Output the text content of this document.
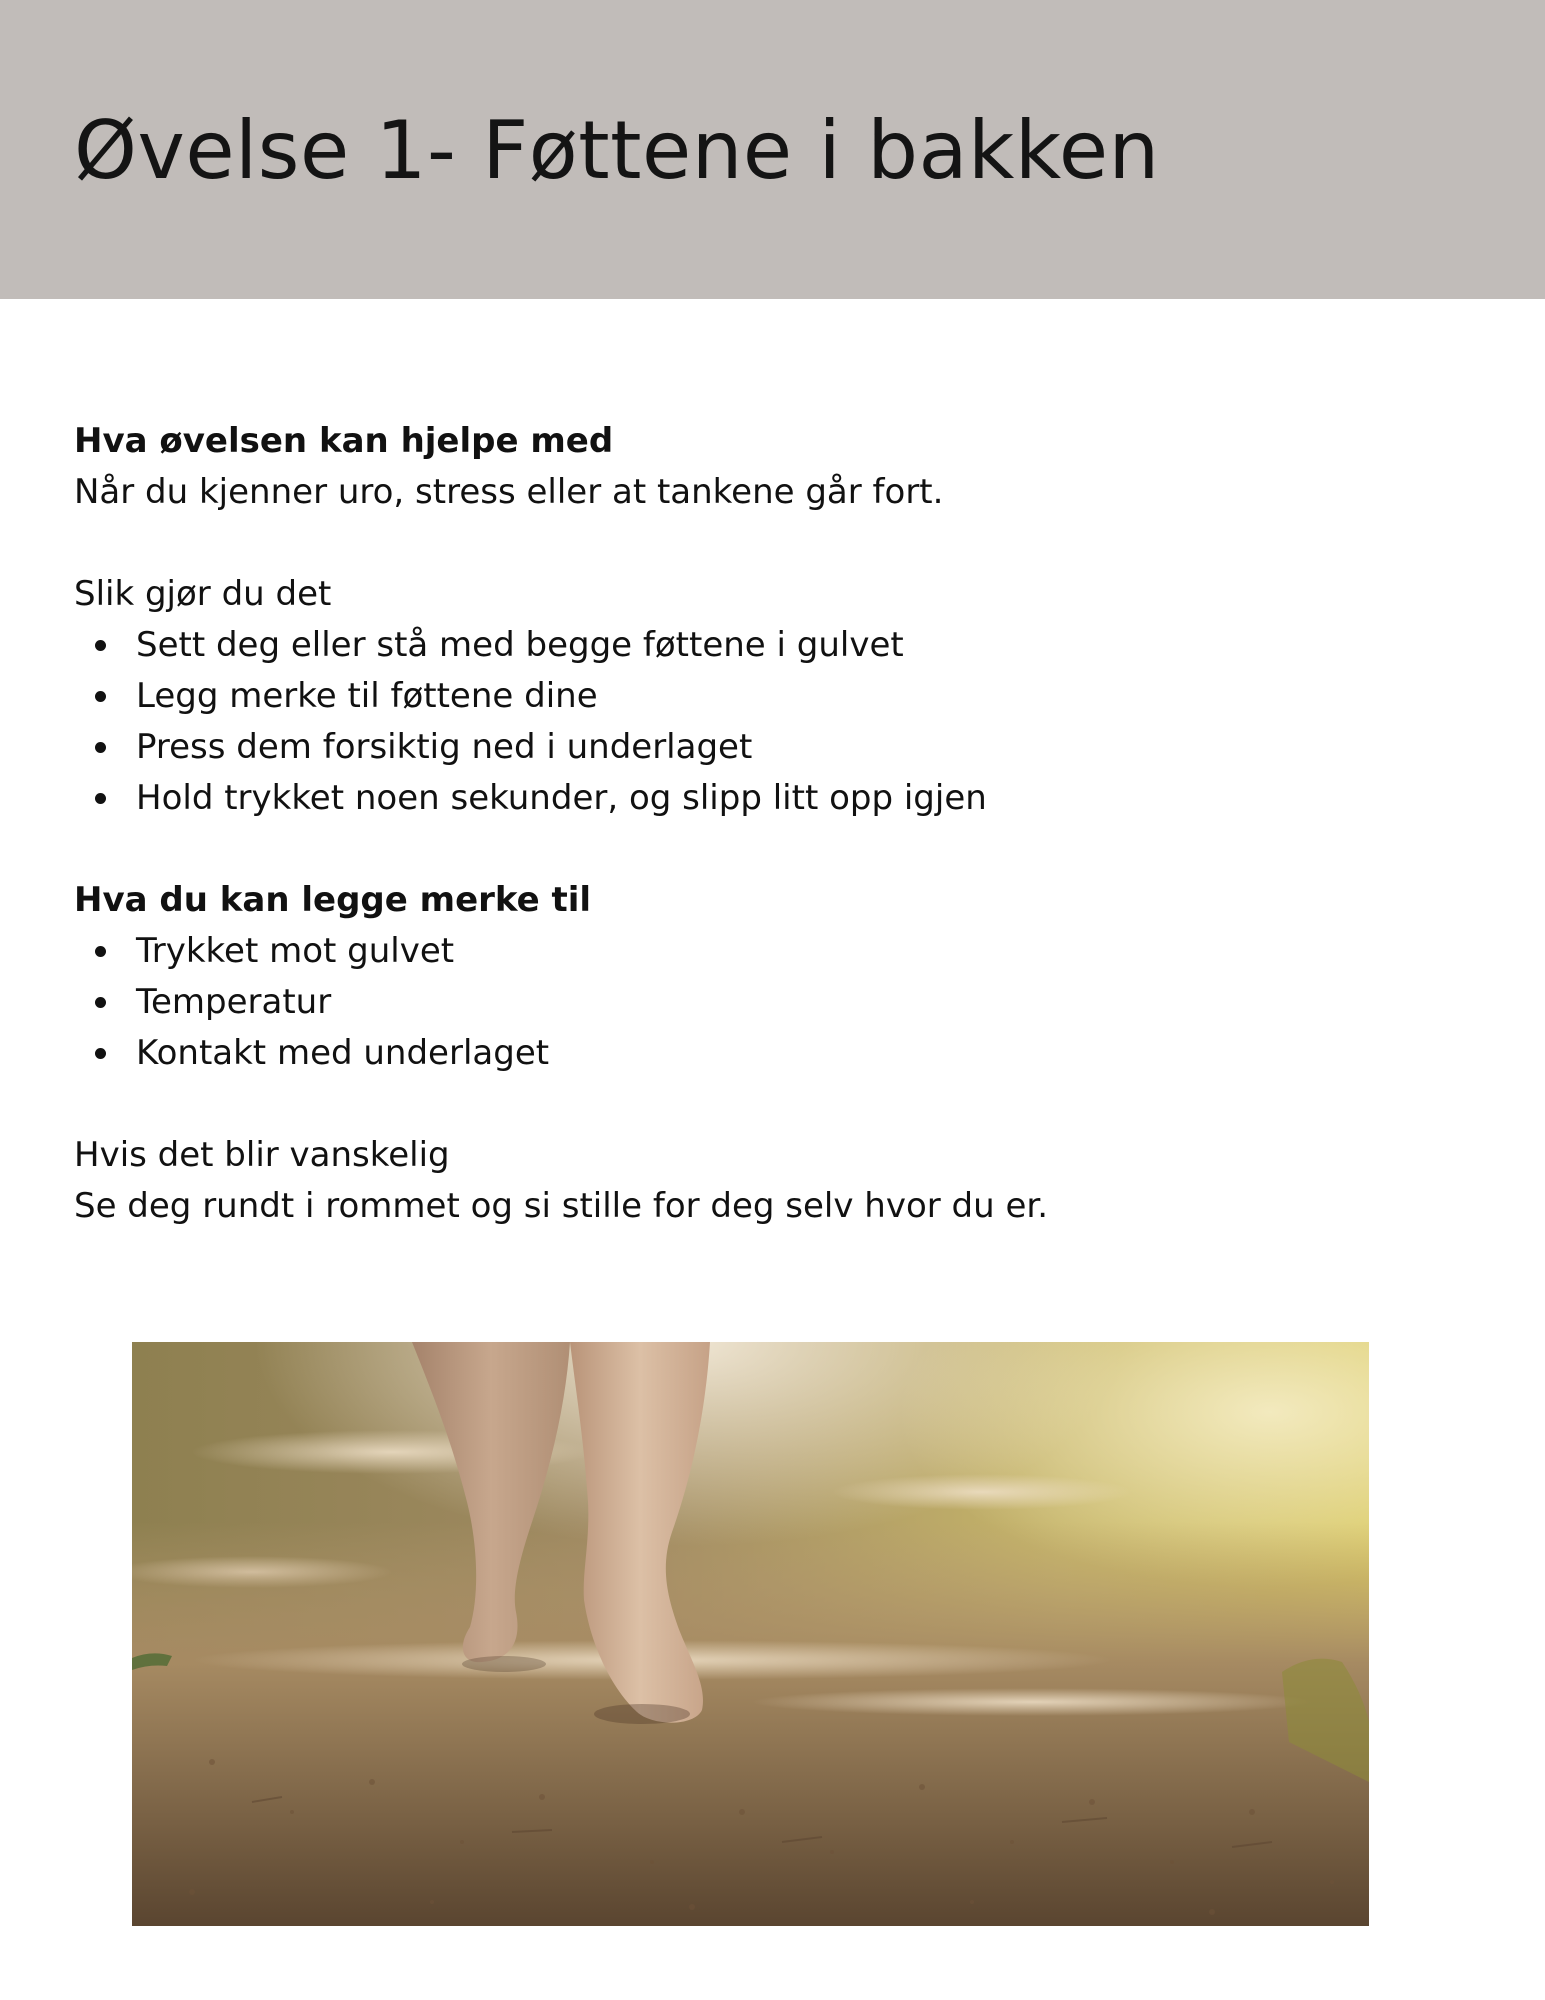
Øvelse 1- Føttene i bakken
Hva øvelsen kan hjelpe med
Når du kjenner uro, stress eller at tankene går fort.
Slik gjør du det
Sett deg eller stå med begge føttene i gulvet
Legg merke til føttene dine
Press dem forsiktig ned i underlaget
Hold trykket noen sekunder, og slipp litt opp igjen
Hva du kan legge merke til
Trykket mot gulvet
Temperatur
Kontakt med underlaget
Hvis det blir vanskelig
Se deg rundt i rommet og si stille for deg selv hvor du er.
